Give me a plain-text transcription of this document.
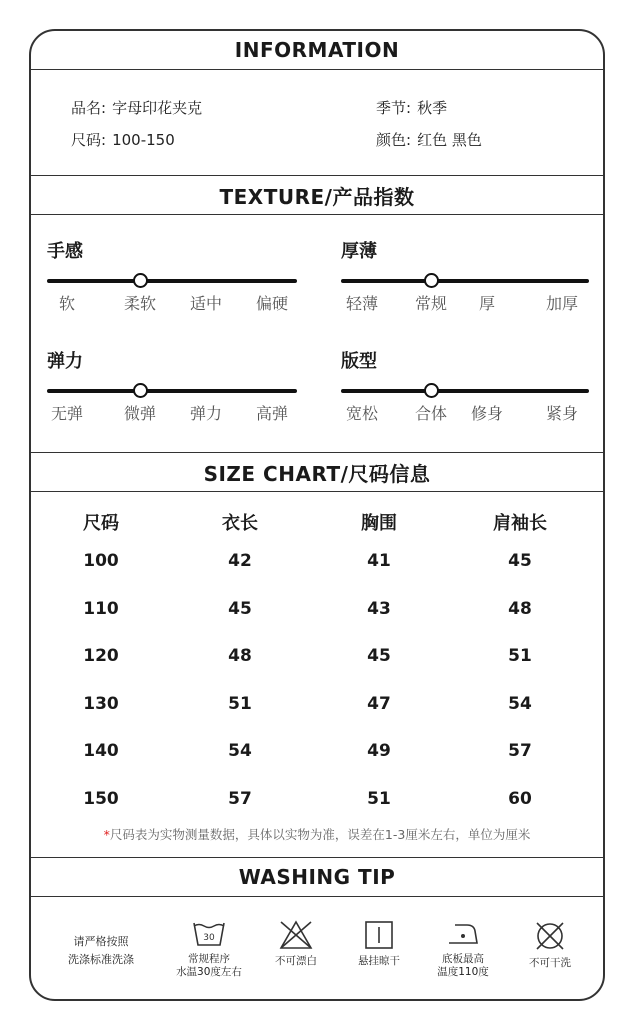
INFORMATION
品名: 字母印花夹克	季节: 秋季
尺码: 100-150	颜色: 红色 黑色
TEXTURE/产品指数
手感
软	柔软 适中 偏硬
厚薄
轻薄 常规 厚	加厚
弹力
无弹	微弹 弹力 高弹
版型
宽松 合体 修身	紧身
SIZE CHART/尺码信息
尺码	衣长	胸围	肩袖长
100	42	41	45
110	45	43	48
120	48	45	51
130	51	47	54
140	54	49	57
150	57	51	60
*尺码表为实物测量数据，具体以实物为准，误差在1-3厘米左右，单位为厘米
WASHING TIP
请严格按照
洗涤标准洗涤
30
常规程序
水温30度左右
不可漂白	悬挂晾干	底板最高
温度110度
不可干洗
